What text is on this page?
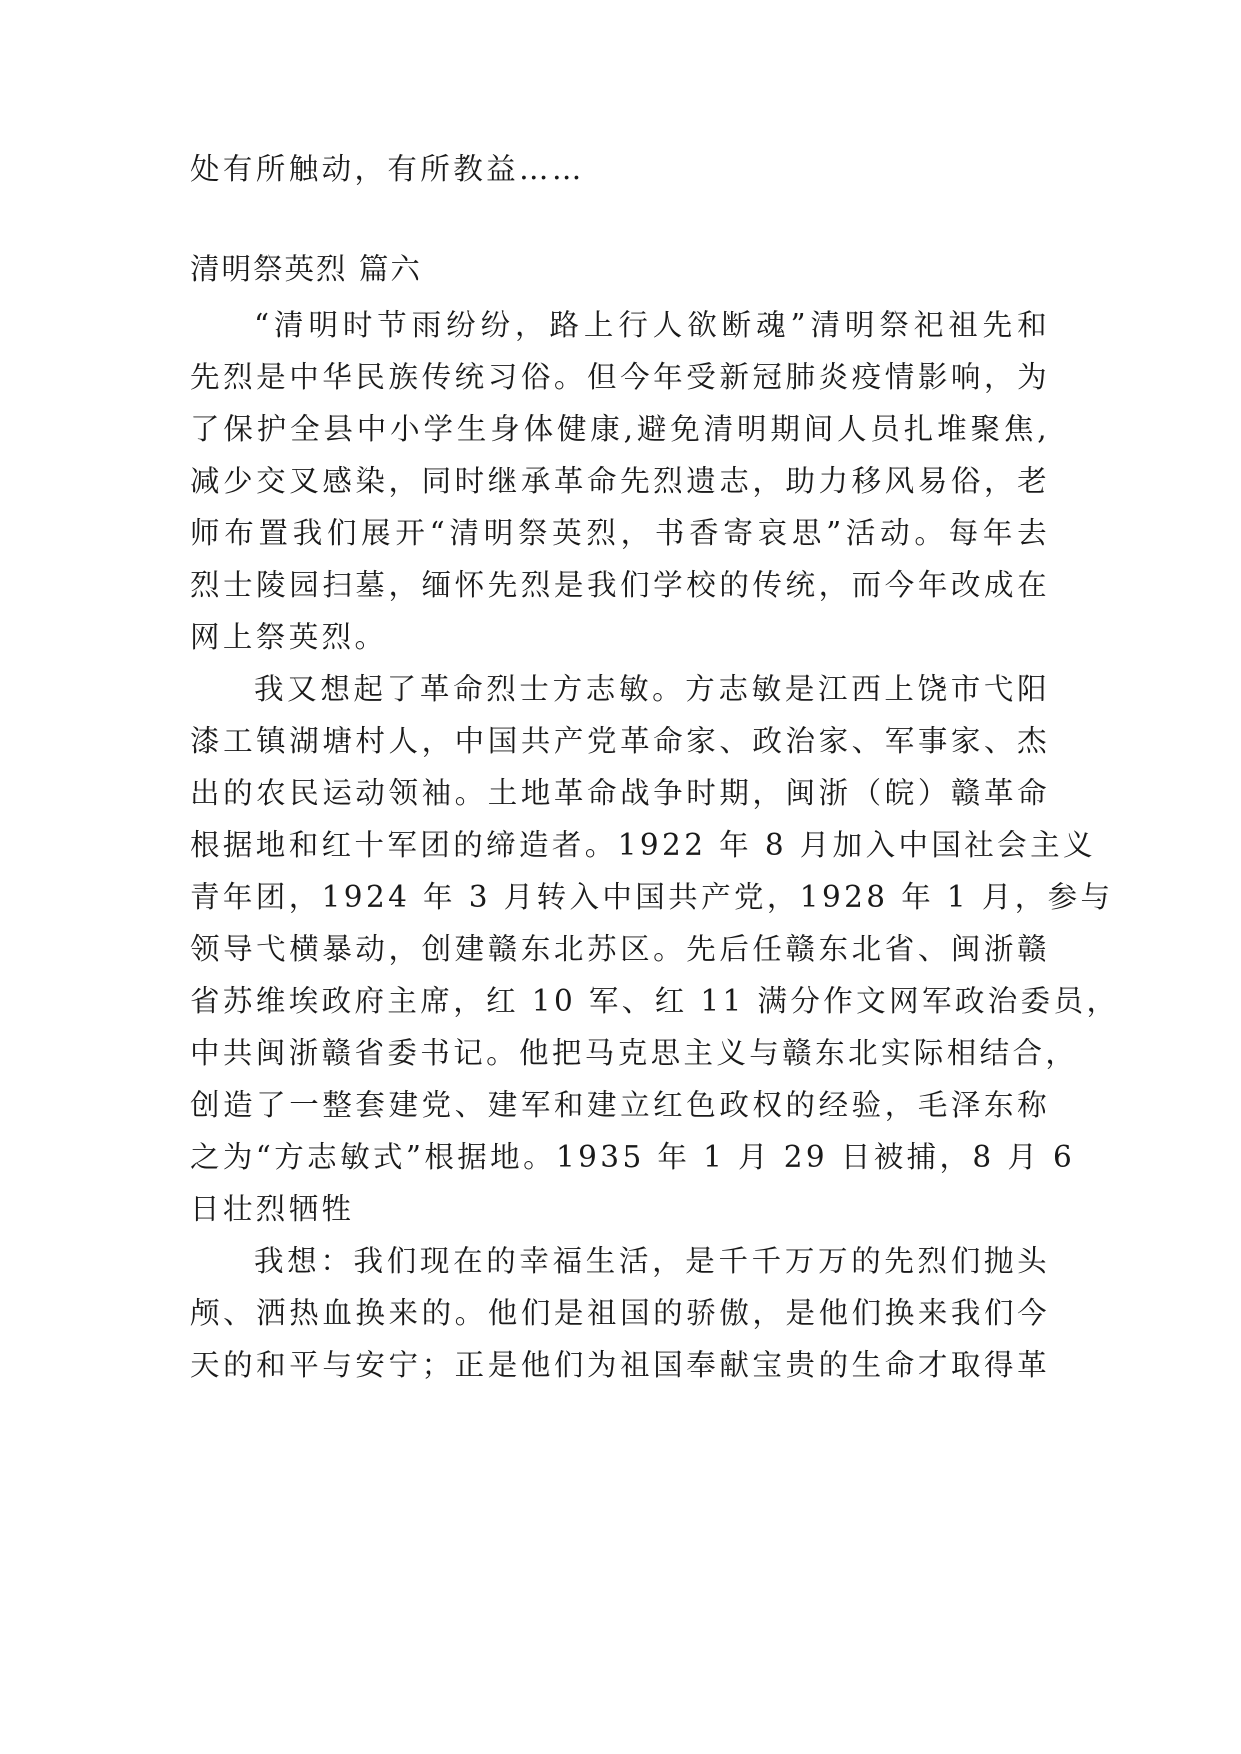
处有所触动，有所教益……
清明祭英烈 篇六
“清明时节雨纷纷，路上行人欲断魂”清明祭祀祖先和
先烈是中华民族传统习俗。但今年受新冠肺炎疫情影响，为
了保护全县中小学生身体健康,避免清明期间人员扎堆聚焦,
减少交叉感染，同时继承革命先烈遗志，助力移风易俗，老
师布置我们展开“清明祭英烈，书香寄哀思”活动。每年去
烈士陵园扫墓，缅怀先烈是我们学校的传统，而今年改成在
网上祭英烈。
我又想起了革命烈士方志敏。方志敏是江西上饶市弋阳
漆工镇湖塘村人，中国共产党革命家、政治家、军事家、杰
出的农民运动领袖。土地革命战争时期，闽浙（皖）赣革命
根据地和红十军团的缔造者。1922 年 8 月加入中国社会主义
青年团，1924 年 3 月转入中国共产党，1928 年 1 月，参与
领导弋横暴动，创建赣东北苏区。先后任赣东北省、闽浙赣
省苏维埃政府主席，红 10 军、红 11 满分作文网军政治委员，
中共闽浙赣省委书记。他把马克思主义与赣东北实际相结合，
创造了一整套建党、建军和建立红色政权的经验，毛泽东称
之为“方志敏式”根据地。1935 年 1 月 29 日被捕，8 月 6
日壮烈牺牲
我想：我们现在的幸福生活，是千千万万的先烈们抛头
颅、洒热血换来的。他们是祖国的骄傲，是他们换来我们今
天的和平与安宁；正是他们为祖国奉献宝贵的生命才取得革
